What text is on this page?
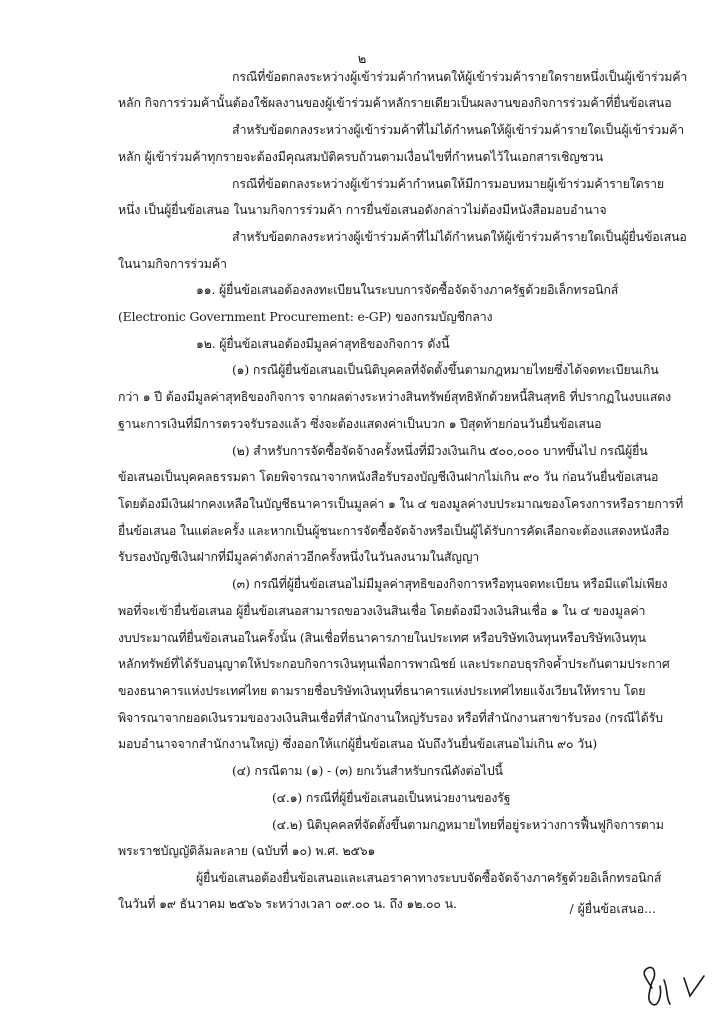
๒
กรณีที่ข้อตกลงระหว่างผู้เข้าร่วมค้ากำหนดให้ผู้เข้าร่วมค้ารายใดรายหนึ่งเป็นผู้เข้าร่วมค้า
หลัก กิจการร่วมค้านั้นต้องใช้ผลงานของผู้เข้าร่วมค้าหลักรายเดียวเป็นผลงานของกิจการร่วมค้าที่ยื่นข้อเสนอ
สำหรับข้อตกลงระหว่างผู้เข้าร่วมค้าที่ไม่ได้กำหนดให้ผู้เข้าร่วมค้ารายใดเป็นผู้เข้าร่วมค้า
หลัก ผู้เข้าร่วมค้าทุกรายจะต้องมีคุณสมบัติครบถ้วนตามเงื่อนไขที่กำหนดไว้ในเอกสารเชิญชวน
กรณีที่ข้อตกลงระหว่างผู้เข้าร่วมค้ากำหนดให้มีการมอบหมายผู้เข้าร่วมค้ารายใดราย
หนึ่ง เป็นผู้ยื่นข้อเสนอ ในนามกิจการร่วมค้า การยื่นข้อเสนอดังกล่าวไม่ต้องมีหนังสือมอบอำนาจ
สำหรับข้อตกลงระหว่างผู้เข้าร่วมค้าที่ไม่ได้กำหนดให้ผู้เข้าร่วมค้ารายใดเป็นผู้ยื่นข้อเสนอ
ในนามกิจการร่วมค้า
๑๑. ผู้ยื่นข้อเสนอต้องลงทะเบียนในระบบการจัดซื้อจัดจ้างภาครัฐด้วยอิเล็กทรอนิกส์
(Electronic Government Procurement: e-GP) ของกรมบัญชีกลาง
๑๒. ผู้ยื่นข้อเสนอต้องมีมูลค่าสุทธิของกิจการ ดังนี้
(๑) กรณีผู้ยื่นข้อเสนอเป็นนิติบุคคลที่จัดตั้งขึ้นตามกฎหมายไทยซึ่งได้จดทะเบียนเกิน
กว่า ๑ ปี ต้องมีมูลค่าสุทธิของกิจการ จากผลต่างระหว่างสินทรัพย์สุทธิหักด้วยหนี้สินสุทธิ ที่ปรากฏในงบแสดง
ฐานะการเงินที่มีการตรวจรับรองแล้ว ซึ่งจะต้องแสดงค่าเป็นบวก ๑ ปีสุดท้ายก่อนวันยื่นข้อเสนอ
(๒) สำหรับการจัดซื้อจัดจ้างครั้งหนึ่งที่มีวงเงินเกิน ๕๐๐,๐๐๐ บาทขึ้นไป กรณีผู้ยื่น
ข้อเสนอเป็นบุคคลธรรมดา โดยพิจารณาจากหนังสือรับรองบัญชีเงินฝากไม่เกิน ๙๐ วัน ก่อนวันยื่นข้อเสนอ
โดยต้องมีเงินฝากคงเหลือในบัญชีธนาคารเป็นมูลค่า ๑ ใน ๔ ของมูลค่างบประมาณของโครงการหรือรายการที่
ยื่นข้อเสนอ ในแต่ละครั้ง และหากเป็นผู้ชนะการจัดซื้อจัดจ้างหรือเป็นผู้ได้รับการคัดเลือกจะต้องแสดงหนังสือ
รับรองบัญชีเงินฝากที่มีมูลค่าดังกล่าวอีกครั้งหนึ่งในวันลงนามในสัญญา
(๓) กรณีที่ผู้ยื่นข้อเสนอไม่มีมูลค่าสุทธิของกิจการหรือทุนจดทะเบียน หรือมีแต่ไม่เพียง
พอที่จะเข้ายื่นข้อเสนอ ผู้ยื่นข้อเสนอสามารถขอวงเงินสินเชื่อ โดยต้องมีวงเงินสินเชื่อ ๑ ใน ๔ ของมูลค่า
งบประมาณที่ยื่นข้อเสนอในครั้งนั้น (สินเชื่อที่ธนาคารภายในประเทศ หรือบริษัทเงินทุนหรือบริษัทเงินทุน
หลักทรัพย์ที่ได้รับอนุญาตให้ประกอบกิจการเงินทุนเพื่อการพาณิชย์ และประกอบธุรกิจค้ำประกันตามประกาศ
ของธนาคารแห่งประเทศไทย ตามรายชื่อบริษัทเงินทุนที่ธนาคารแห่งประเทศไทยแจ้งเวียนให้ทราบ โดย
พิจารณาจากยอดเงินรวมของวงเงินสินเชื่อที่สำนักงานใหญ่รับรอง หรือที่สำนักงานสาขารับรอง (กรณีได้รับ
มอบอำนาจจากสำนักงานใหญ่) ซึ่งออกให้แก่ผู้ยื่นข้อเสนอ นับถึงวันยื่นข้อเสนอไม่เกิน ๙๐ วัน)
(๔) กรณีตาม (๑) - (๓) ยกเว้นสำหรับกรณีดังต่อไปนี้
(๔.๑) กรณีที่ผู้ยื่นข้อเสนอเป็นหน่วยงานของรัฐ
(๔.๒) นิติบุคคลที่จัดตั้งขึ้นตามกฎหมายไทยที่อยู่ระหว่างการฟื้นฟูกิจการตาม
พระราชบัญญัติล้มละลาย (ฉบับที่ ๑๐) พ.ศ. ๒๕๖๑
ผู้ยื่นข้อเสนอต้องยื่นข้อเสนอและเสนอราคาทางระบบจัดซื้อจัดจ้างภาครัฐด้วยอิเล็กทรอนิกส์
ในวันที่ ๑๙ ธันวาคม ๒๕๖๖ ระหว่างเวลา ๐๙.๐๐ น. ถึง ๑๒.๐๐ น.	/ ผู้ยื่นข้อเสนอ...
